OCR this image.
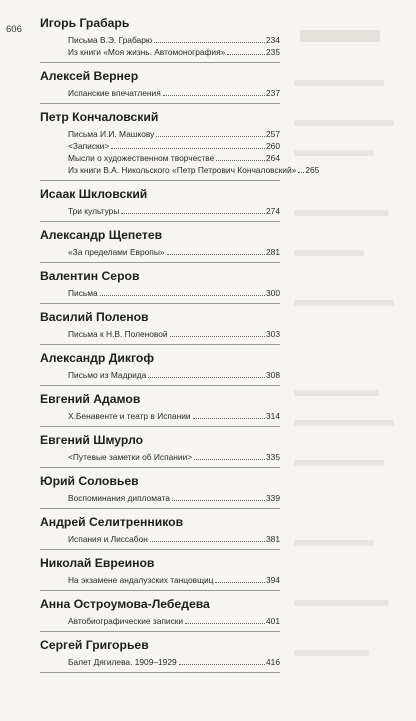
606 Игорь Грабарь
Письма В.Э. Грабарю	234
Из книги «Моя жизнь. Автомонография»	235
Алексей Вернер
Испанские впечатления	237
Петр Кончаловский
Письма И.И. Машкову	257
<Записки>	260
Мысли о художественном творчестве	264
Из книги В.А. Никольского «Петр Петрович Кончаловский» 265
Исаак Шкловский
Три культуры	274
Александр Щепетев
«За пределами Европы»	281
Валентин Серов
Письма	300
Василий Поленов
Письма к Н.В. Поленовой	303
Александр Дикгоф
Письмо из Мадрида	308
Евгений Адамов
Х.Бенавенте и театр в Испании	314
Евгений Шмурло
<Путевые заметки об Испании>	335
Юрий Соловьев
Воспоминания дипломата	339
Андрей Селитренников
Испания и Лиссабон	381
Николай Евреинов
На экзамене андалузских танцовщиц	394
Анна Остроумова-Лебедева
Автобиографические записки	401
Сергей Григорьев
Балет Дягилева. 1909–1929	416
